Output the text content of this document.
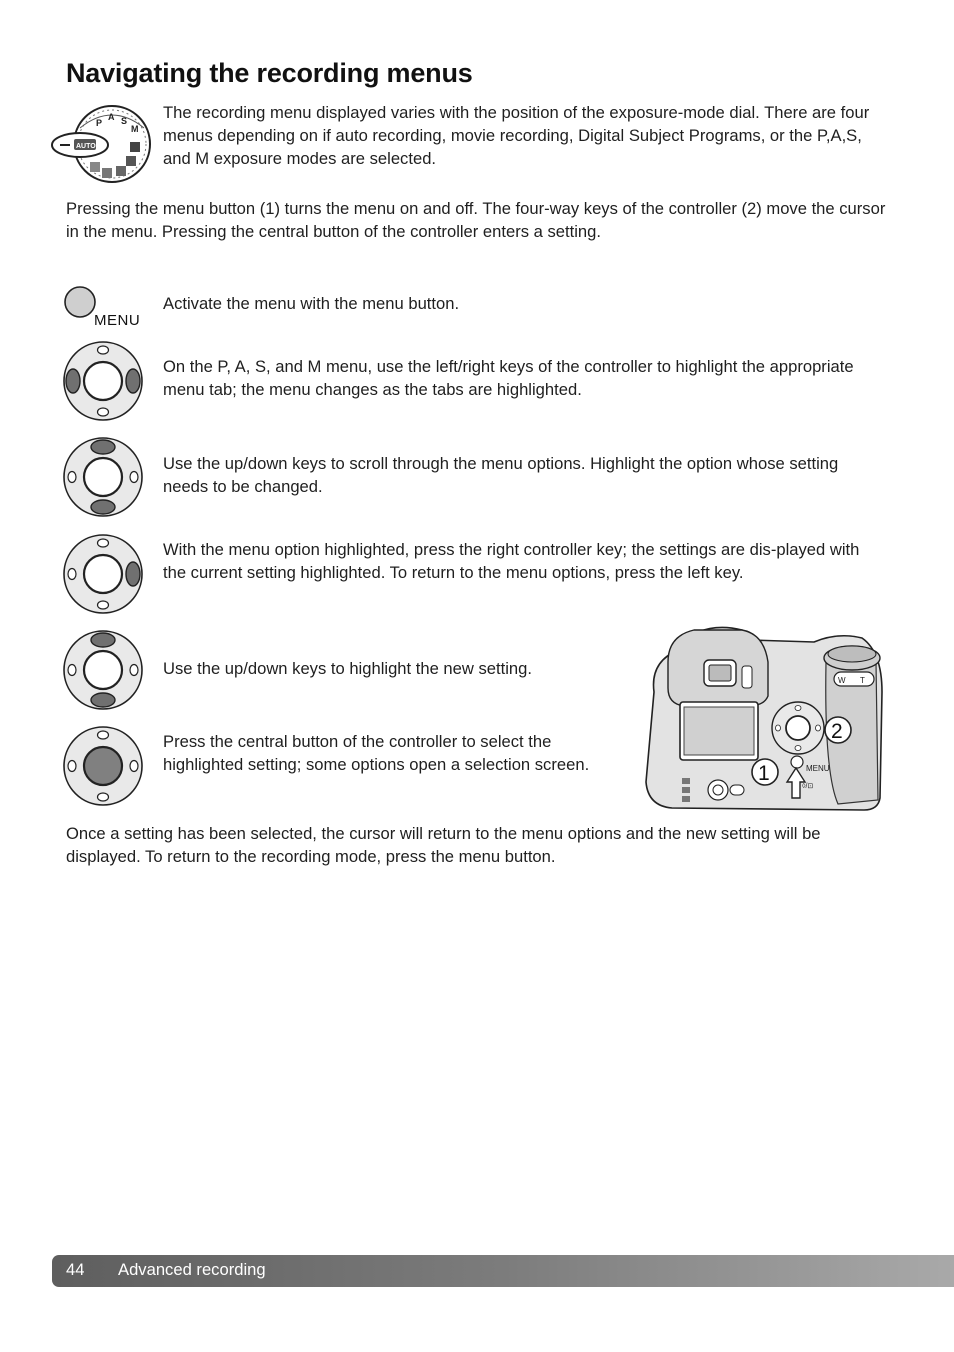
Navigating the recording menus
P
A S
M
AUTO

The recording menu displayed varies with the position of the exposure-mode dial. There are four menus depending on if auto recording, movie recording, Digital Subject Programs, or the P,A,S, and M exposure modes are selected.

Pressing the menu button (1) turns the menu on and off. The four-way keys of the controller (2) move the cursor in the menu. Pressing the central button of the controller enters a setting.

MENU

Activate the menu with the menu button.

On the P, A, S, and M menu, use the left/right keys of the controller to highlight the appropriate menu tab; the menu changes as the tabs are highlighted.

Use the up/down keys to scroll through the menu options. Highlight the option whose setting needs to be changed.

With the menu option highlighted, press the right controller key; the settings are dis-played with the current setting highlighted. To return to the menu options, press the left key.

Use the up/down keys to highlight the new setting.

Press the central button of the controller to select the highlighted setting; some options open a selection screen.

W T
MENU
◊/⊡
1
2

Once a setting has been selected, the cursor will return to the menu options and the new setting will be displayed. To return to the recording mode, press the menu button.

44 Advanced recording
